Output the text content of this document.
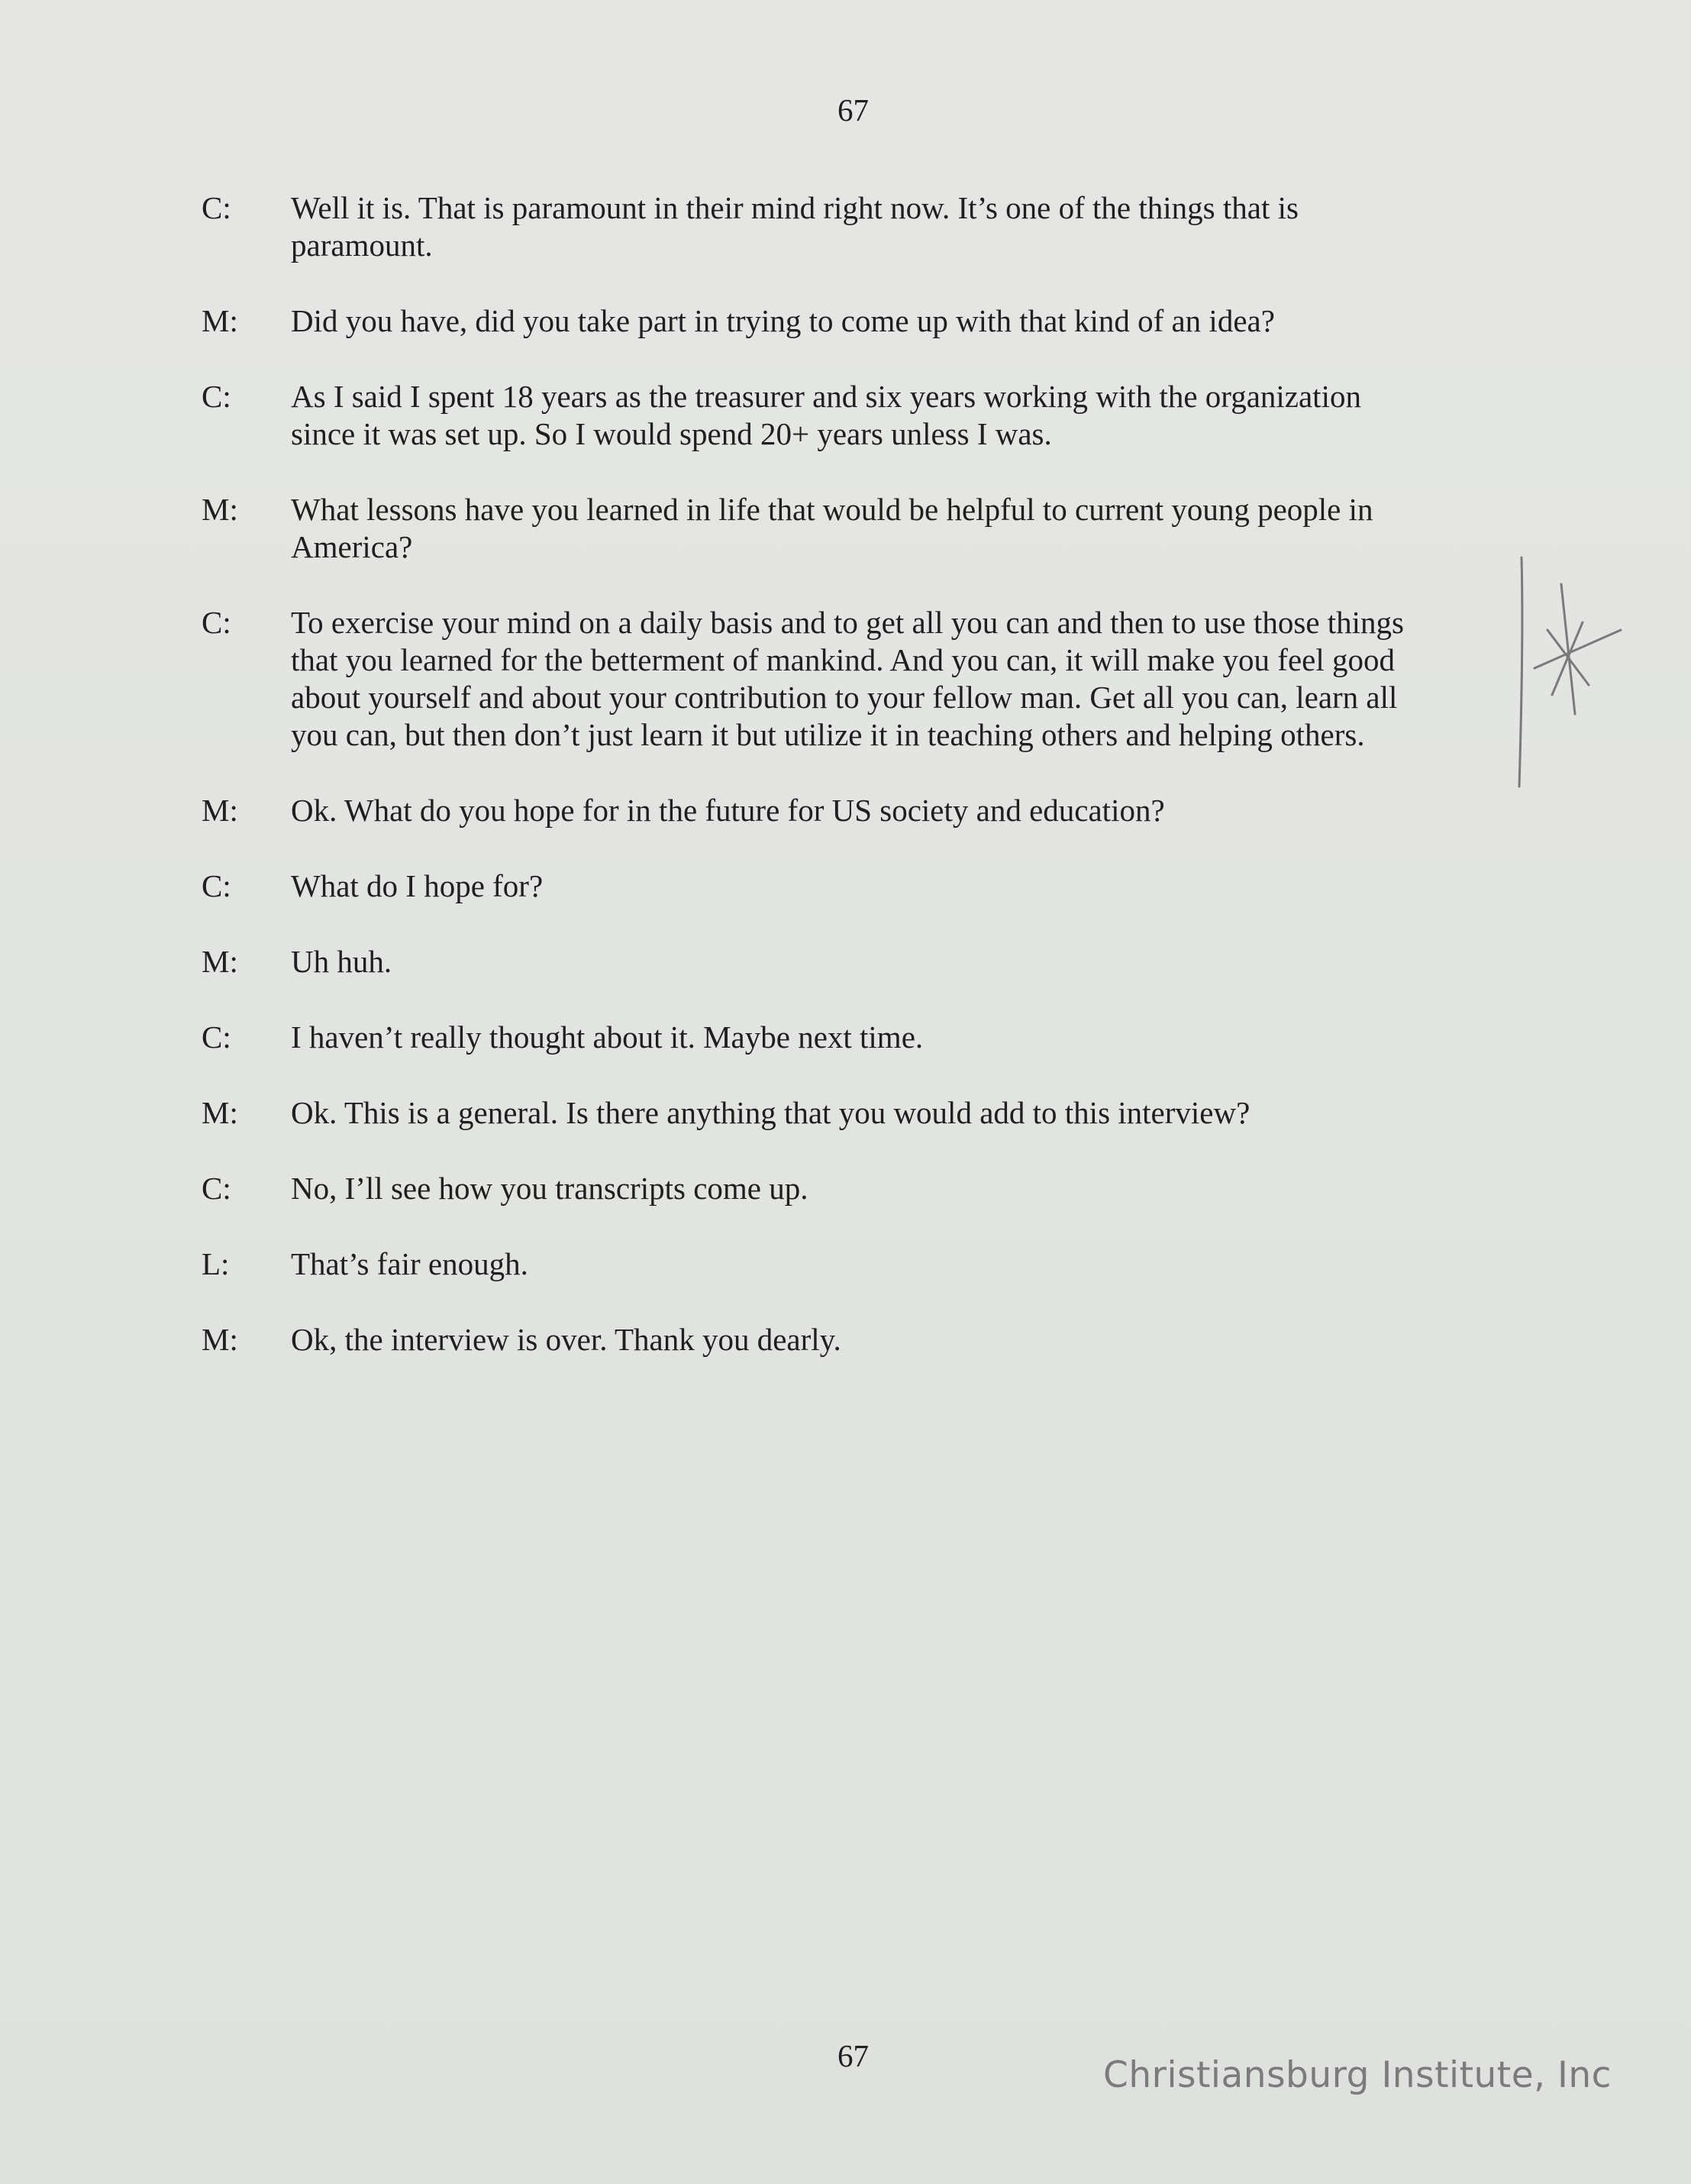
67
C:	Well it is. That is paramount in their mind right now. It’s one of the things that is
paramount.
M:	Did you have, did you take part in trying to come up with that kind of an idea?
C:	As I said I spent 18 years as the treasurer and six years working with the organization
since it was set up. So I would spend 20+ years unless I was.
M:	What lessons have you learned in life that would be helpful to current young people in
America?
C:	To exercise your mind on a daily basis and to get all you can and then to use those things
that you learned for the betterment of mankind. And you can, it will make you feel good
about yourself and about your contribution to your fellow man. Get all you can, learn all
you can, but then don’t just learn it but utilize it in teaching others and helping others.
M:	Ok. What do you hope for in the future for US society and education?
C:	What do I hope for?
M:	Uh huh.
C:	I haven’t really thought about it. Maybe next time.
M:	Ok. This is a general. Is there anything that you would add to this interview?
C:	No, I’ll see how you transcripts come up.
L:	That’s fair enough.
M:	Ok, the interview is over. Thank you dearly.
67	Christiansburg Institute, Inc
